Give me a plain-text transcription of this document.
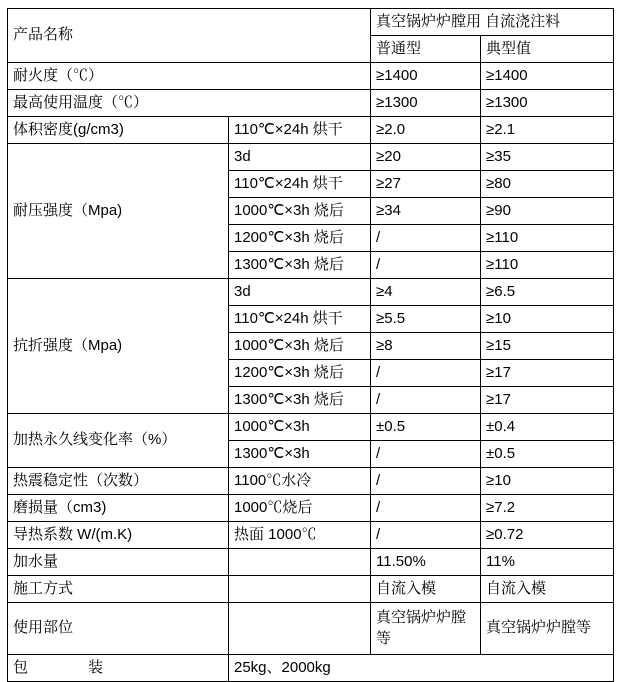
产品名称		真空锅炉炉膛用 自流浇注料	
		普通型	典型值
耐火度（℃）		≥1400	≥1400
最高使用温度（℃）		≥1300	≥1300
体积密度(g/cm3)	110℃×24h 烘干	≥2.0	≥2.1
耐压强度（Mpa)	3d	≥20	≥35
	110℃×24h 烘干	≥27	≥80
	1000℃×3h 烧后	≥34	≥90
	1200℃×3h 烧后	/	≥110
	1300℃×3h 烧后	/	≥110
抗折强度（Mpa)	3d	≥4	≥6.5
	110℃×24h 烘干	≥5.5	≥10
	1000℃×3h 烧后	≥8	≥15
	1200℃×3h 烧后	/	≥17
	1300℃×3h 烧后	/	≥17
加热永久线变化率（%）	1000℃×3h	±0.5	±0.4
	1300℃×3h	/	±0.5
热震稳定性（次数）	1100℃水冷	/	≥10
磨损量（cm3)	1000℃烧后	/	≥7.2
导热系数 W/(m.K)	热面 1000℃	/	≥0.72
加水量		11.50%	11%
施工方式		自流入模	自流入模
使用部位		真空锅炉炉膛等	真空锅炉炉膛等
包　　　　装	25kg、2000kg		
